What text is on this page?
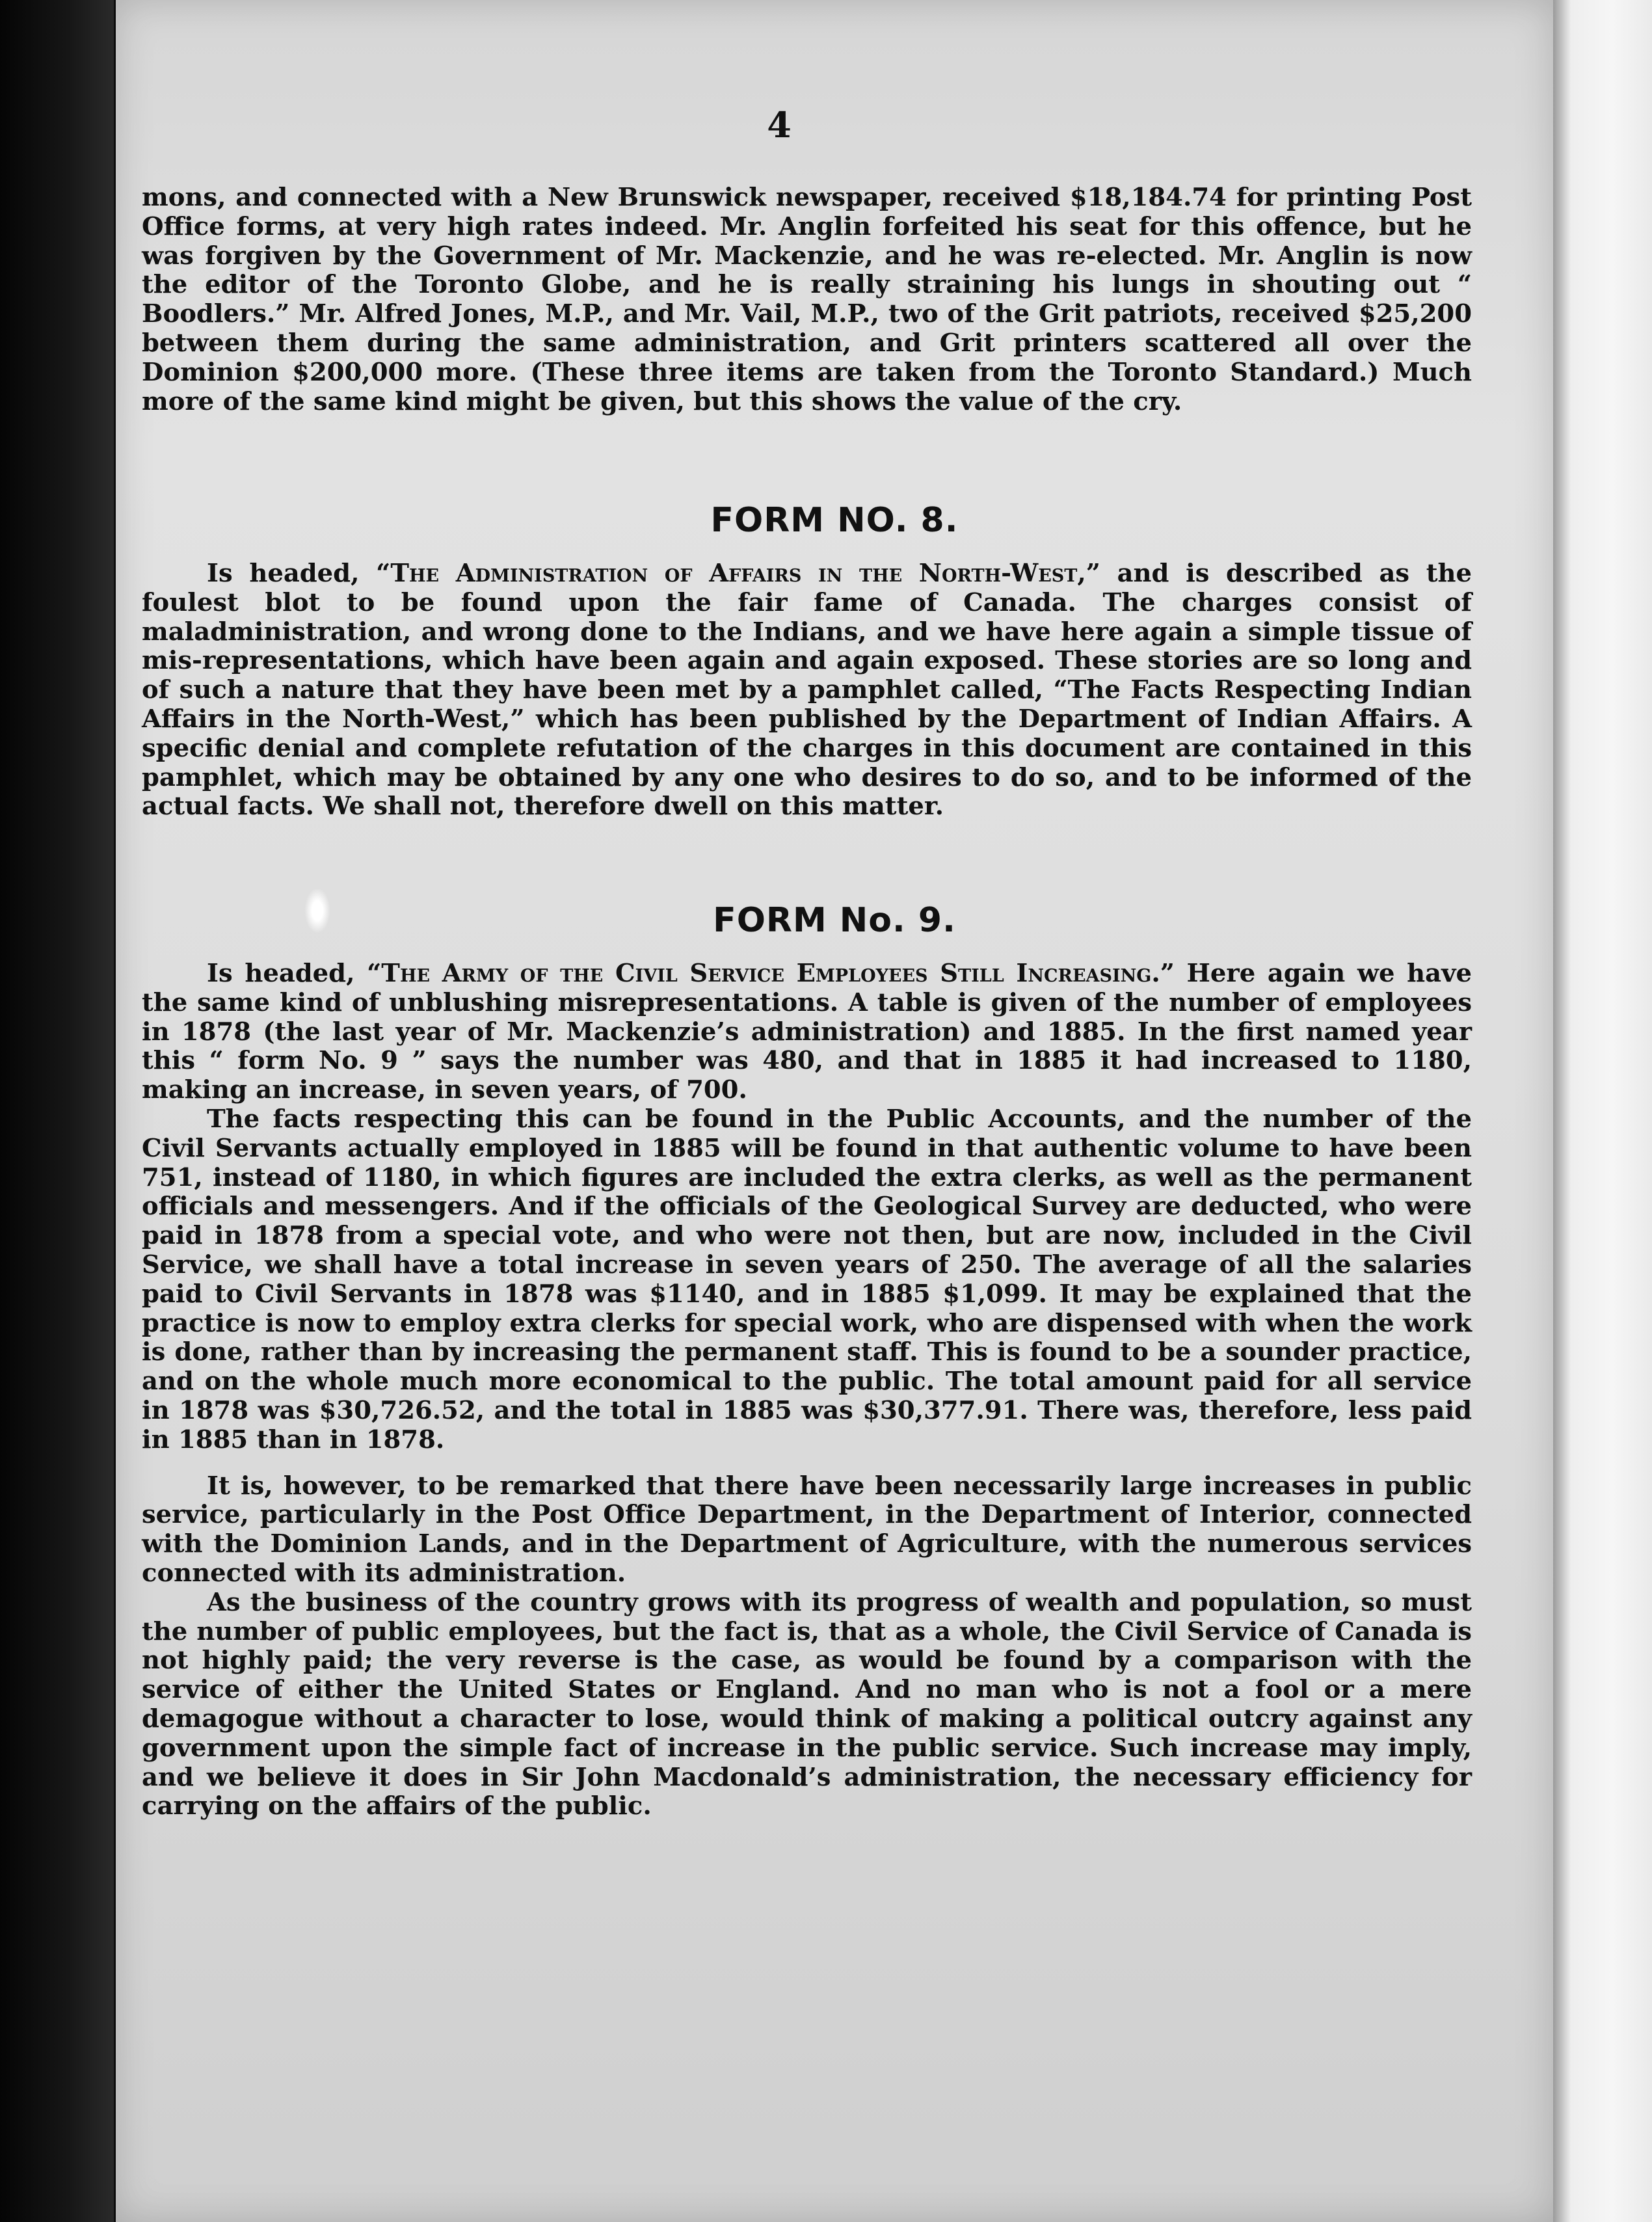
4

mons, and connected with a New Brunswick newspaper, received $18,184.74 for printing Post Office forms, at very high rates indeed. Mr. Anglin forfeited his seat for this offence, but he was forgiven by the Government of Mr. Mackenzie, and he was re-elected. Mr. Anglin is now the editor of the Toronto Globe, and he is really straining his lungs in shouting out “ Boodlers.” Mr. Alfred Jones, M.P., and Mr. Vail, M.P., two of the Grit patriots, received $25,200 between them during the same administration, and Grit printers scattered all over the Dominion $200,000 more. (These three items are taken from the Toronto Standard.) Much more of the same kind might be given, but this shows the value of the cry.

FORM NO. 8.

Is headed, “The Administration of Affairs in the North-West,” and is described as the foulest blot to be found upon the fair fame of Canada. The charges consist of maladministration, and wrong done to the Indians, and we have here again a simple tissue of mis-representations, which have been again and again exposed. These stories are so long and of such a nature that they have been met by a pamphlet called, “The Facts Respecting Indian Affairs in the North-West,” which has been published by the Department of Indian Affairs. A specific denial and complete refutation of the charges in this document are contained in this pamphlet, which may be obtained by any one who desires to do so, and to be informed of the actual facts. We shall not, therefore dwell on this matter.

FORM No. 9.

Is headed, “The Army of the Civil Service Employees Still Increasing.” Here again we have the same kind of unblushing misrepresentations. A table is given of the number of employees in 1878 (the last year of Mr. Mackenzie’s administration) and 1885. In the first named year this “ form No. 9 ” says the number was 480, and that in 1885 it had increased to 1180, making an increase, in seven years, of 700.

The facts respecting this can be found in the Public Accounts, and the number of the Civil Servants actually employed in 1885 will be found in that authentic volume to have been 751, instead of 1180, in which figures are included the extra clerks, as well as the permanent officials and messengers. And if the officials of the Geological Survey are deducted, who were paid in 1878 from a special vote, and who were not then, but are now, included in the Civil Service, we shall have a total increase in seven years of 250. The average of all the salaries paid to Civil Servants in 1878 was $1140, and in 1885 $1,099. It may be explained that the practice is now to employ extra clerks for special work, who are dispensed with when the work is done, rather than by increasing the permanent staff. This is found to be a sounder practice, and on the whole much more economical to the public. The total amount paid for all service in 1878 was $30,726.52, and the total in 1885 was $30,377.91. There was, therefore, less paid in 1885 than in 1878.

It is, however, to be remarked that there have been necessarily large increases in public service, particularly in the Post Office Department, in the Department of Interior, connected with the Dominion Lands, and in the Department of Agriculture, with the numerous services connected with its administration.

As the business of the country grows with its progress of wealth and population, so must the number of public employees, but the fact is, that as a whole, the Civil Service of Canada is not highly paid; the very reverse is the case, as would be found by a comparison with the service of either the United States or England. And no man who is not a fool or a mere demagogue without a character to lose, would think of making a political outcry against any government upon the simple fact of increase in the public service. Such increase may imply, and we believe it does in Sir John Macdonald’s administration, the necessary efficiency for carrying on the affairs of the public.
